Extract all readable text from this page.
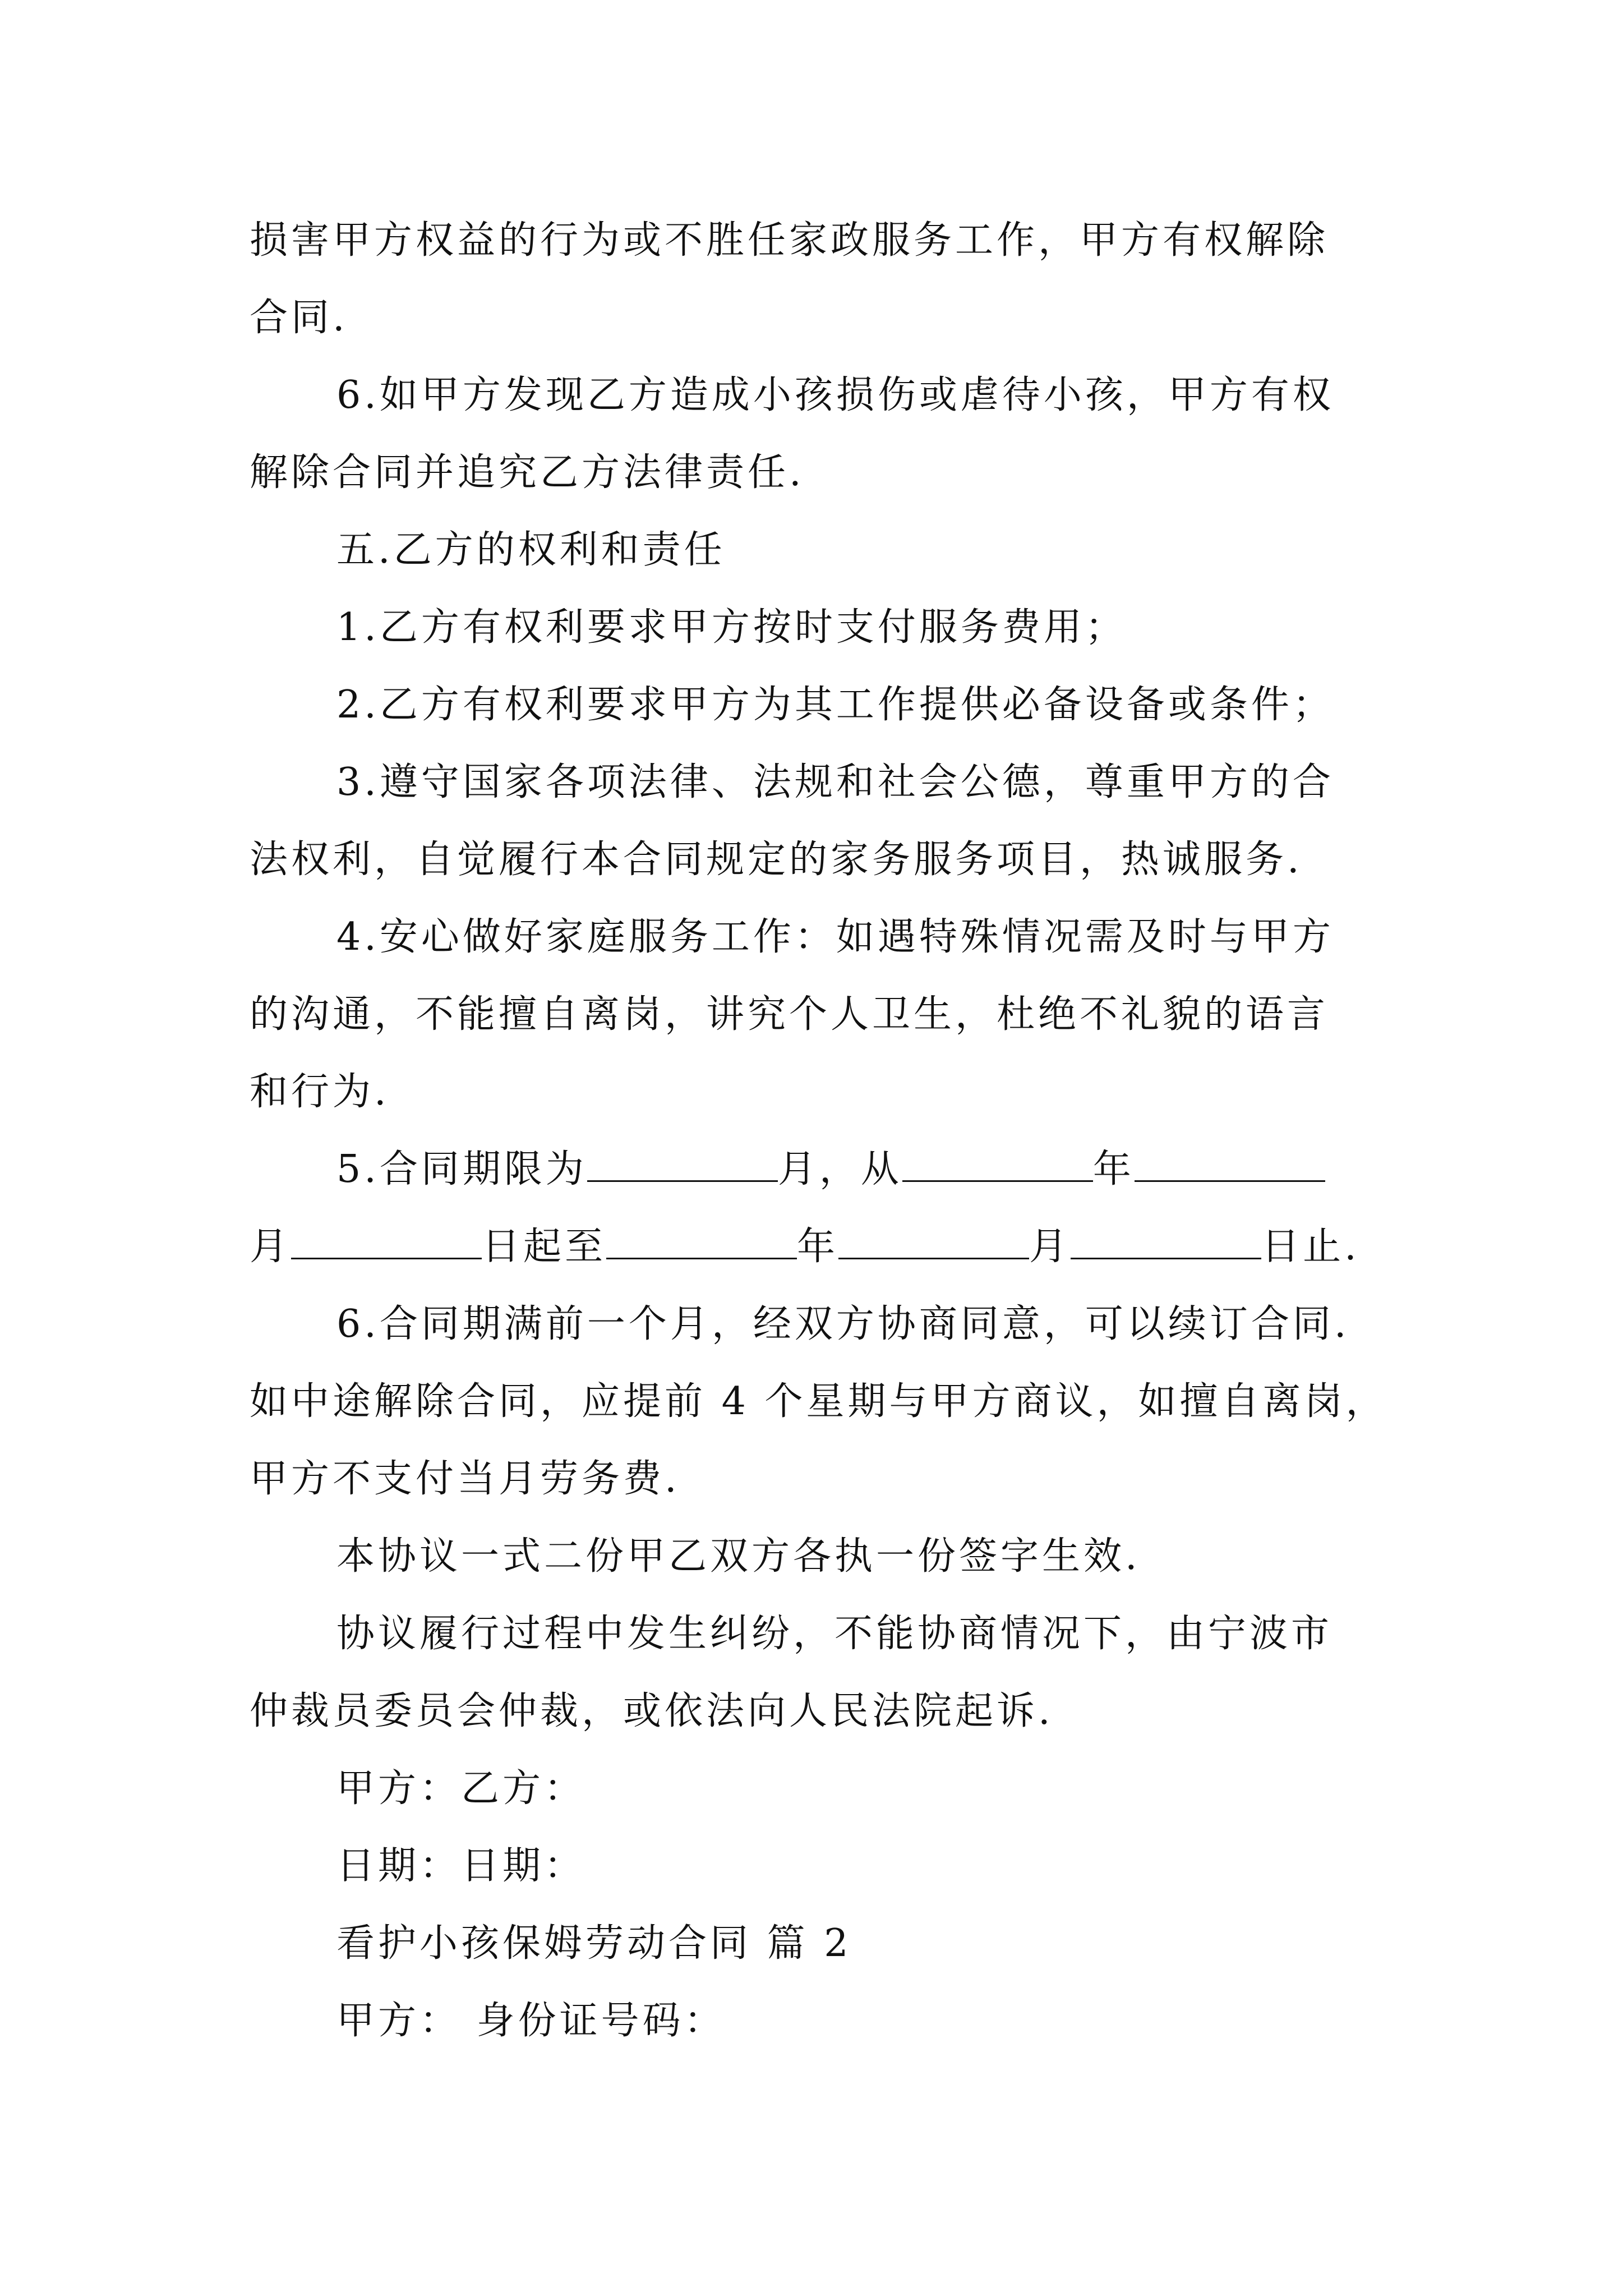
损害甲方权益的行为或不胜任家政服务工作，甲方有权解除

合同.

6.如甲方发现乙方造成小孩损伤或虐待小孩，甲方有权

解除合同并追究乙方法律责任.

五.乙方的权利和责任

1.乙方有权利要求甲方按时支付服务费用；

2.乙方有权利要求甲方为其工作提供必备设备或条件；

3.遵守国家各项法律、法规和社会公德，尊重甲方的合

法权利，自觉履行本合同规定的家务服务项目，热诚服务.

4.安心做好家庭服务工作：如遇特殊情况需及时与甲方

的沟通，不能擅自离岗，讲究个人卫生，杜绝不礼貌的语言

和行为.

5.合同期限为	月，从	年

月	日起至	年	月	日止.

6.合同期满前一个月，经双方协商同意，可以续订合同.

如中途解除合同，应提前 4 个星期与甲方商议，如擅自离岗，

甲方不支付当月劳务费.

本协议一式二份甲乙双方各执一份签字生效.

协议履行过程中发生纠纷，不能协商情况下，由宁波市

仲裁员委员会仲裁，或依法向人民法院起诉.

甲方：乙方：

日期：日期：

看护小孩保姆劳动合同 篇 2

甲方： 身份证号码：
